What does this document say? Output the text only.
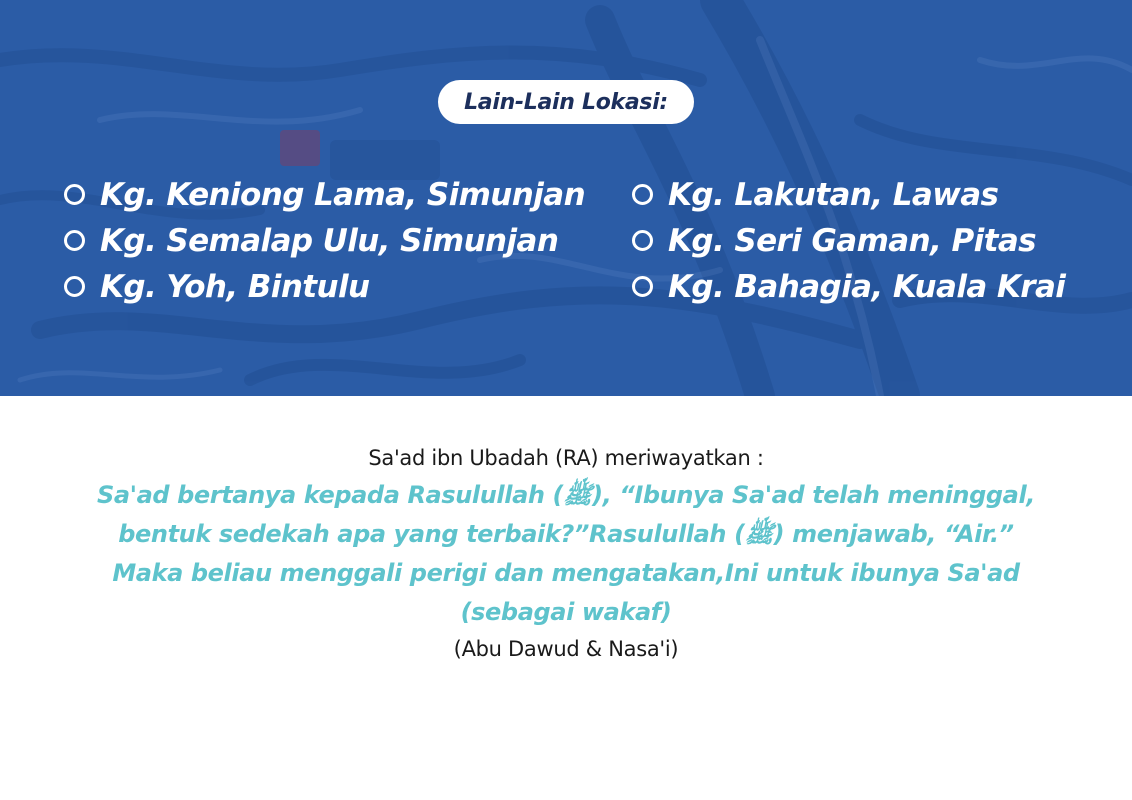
Lain-Lain Lokasi:
Kg. Keniong Lama, Simunjan
Kg. Semalap Ulu, Simunjan
Kg. Yoh, Bintulu
Kg. Lakutan, Lawas
Kg. Seri Gaman, Pitas
Kg. Bahagia, Kuala Krai
Sa'ad ibn Ubadah (RA) meriwayatkan :
Sa'ad bertanya kepada Rasulullah (ﷺ), “Ibunya Sa'ad telah meninggal,
bentuk sedekah apa yang terbaik?”Rasulullah (ﷺ) menjawab, “Air.”
Maka beliau menggali perigi dan mengatakan,Ini untuk ibunya Sa'ad
(sebagai wakaf)
(Abu Dawud & Nasa'i)
